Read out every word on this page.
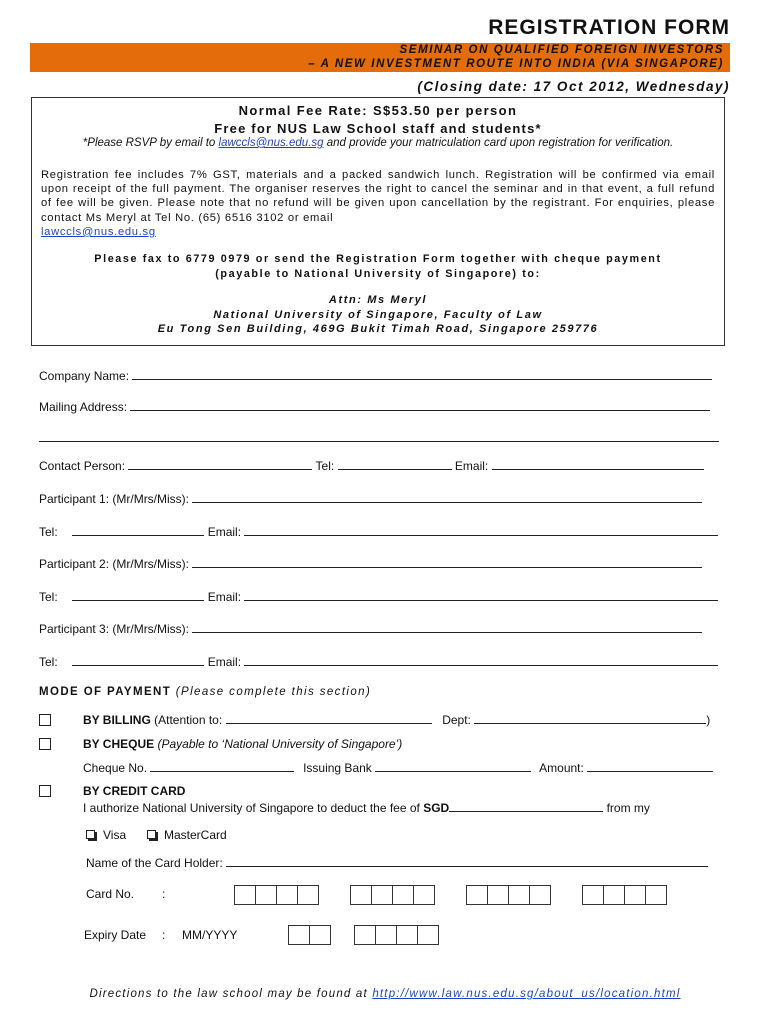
REGISTRATION FORM
SEMINAR ON QUALIFIED FOREIGN INVESTORS
– A NEW INVESTMENT ROUTE INTO INDIA (VIA SINGAPORE)
(Closing date: 17 Oct 2012, Wednesday)
Normal Fee Rate: S$53.50 per person
Free for NUS Law School staff and students*
*Please RSVP by email to lawccls@nus.edu.sg and provide your matriculation card upon registration for verification.
Registration fee includes 7% GST, materials and a packed sandwich lunch. Registration will be confirmed via email upon receipt of the full payment. The organiser reserves the right to cancel the seminar and in that event, a full refund of fee will be given. Please note that no refund will be given upon cancellation by the registrant. For enquiries, please contact Ms Meryl at Tel No. (65) 6516 3102 or email
lawccls@nus.edu.sg
Please fax to 6779 0979 or send the Registration Form together with cheque payment
(payable to National University of Singapore) to:
Attn: Ms Meryl
National University of Singapore, Faculty of Law
Eu Tong Sen Building, 469G Bukit Timah Road, Singapore 259776
Company Name:
Mailing Address:
Contact Person:	Tel:	Email:
Participant 1: (Mr/Mrs/Miss):
Tel:	Email:
Participant 2: (Mr/Mrs/Miss):
Tel:	Email:
Participant 3: (Mr/Mrs/Miss):
Tel:	Email:
MODE OF PAYMENT (Please complete this section)
BY BILLING (Attention to:	Dept:	)
BY CHEQUE (Payable to ‘National University of Singapore’)
Cheque No.	Issuing Bank	Amount:
BY CREDIT CARD
I authorize National University of Singapore to deduct the fee of SGD	from my
Visa	MasterCard
Name of the Card Holder:
Card No. :
Expiry Date : MM/YYYY
Directions to the law school may be found at http://www.law.nus.edu.sg/about_us/location.html
